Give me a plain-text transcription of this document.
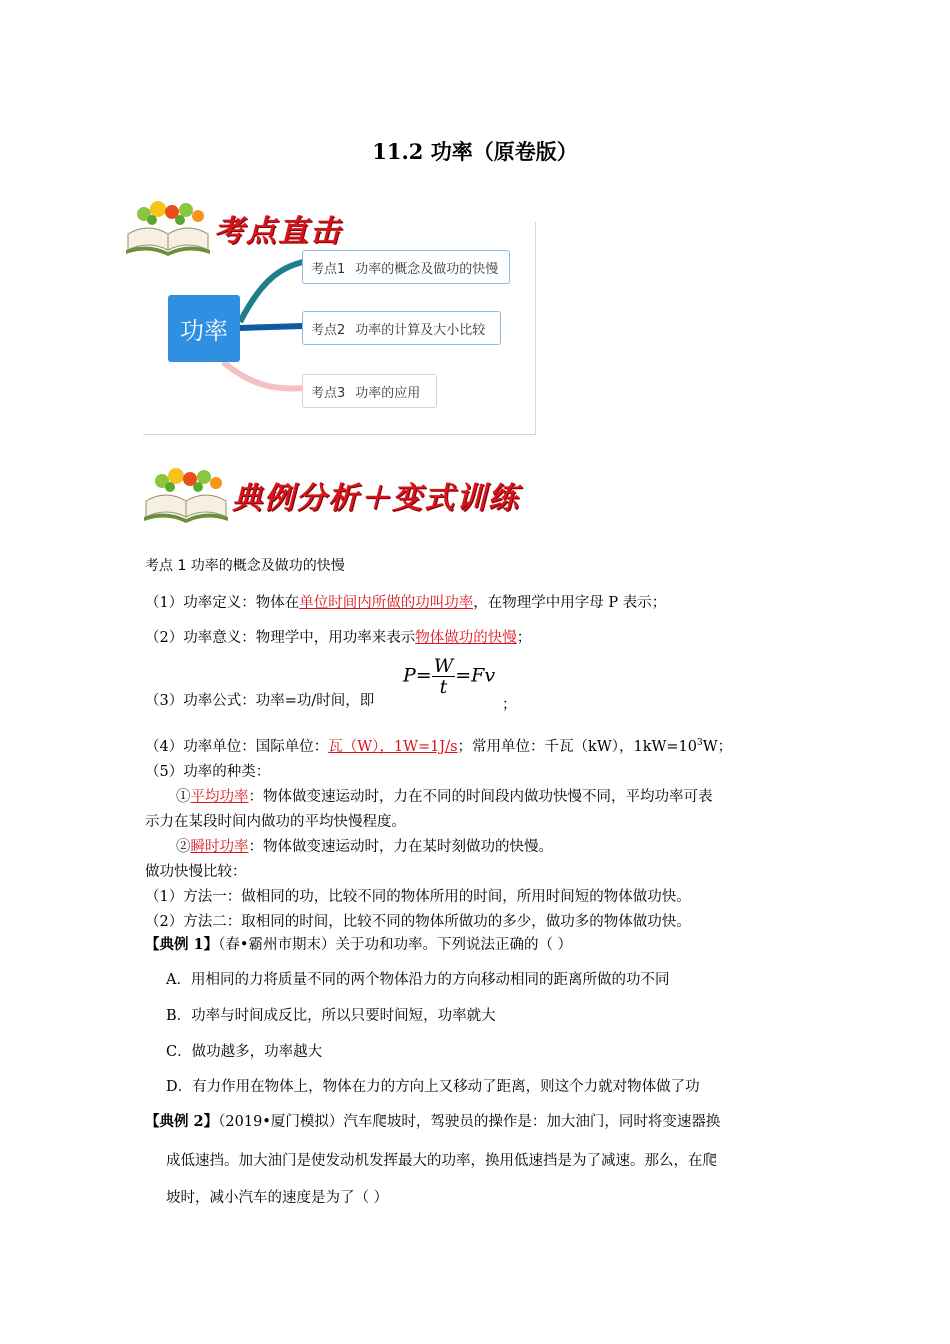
11.2 功率（原卷版）
考点直击
功率
考点1 功率的概念及做功的快慢
考点2 功率的计算及大小比较
考点3 功率的应用
典例分析＋变式训练
考点 1 功率的概念及做功的快慢
（1）功率定义：物体在单位时间内所做的功叫功率，在物理学中用字母 P 表示；
（2）功率意义：物理学中，用功率来表示物体做功的快慢；
（3）功率公式：功率=功/时间，即
$P= \frac{W}{t} =Fv$
；
（4）功率单位：国际单位：瓦（W），1W=1J/s；常用单位：千瓦（kW），$1kW=10^3W$；
（5）功率的种类：
①平均功率：物体做变速运动时，力在不同的时间段内做功快慢不同，平均功率可表
示力在某段时间内做功的平均快慢程度。
②瞬时功率：物体做变速运动时，力在某时刻做功的快慢。
做功快慢比较：
（1）方法一：做相同的功，比较不同的物体所用的时间，所用时间短的物体做功快。
（2）方法二：取相同的时间，比较不同的物体所做功的多少，做功多的物体做功快。
【典例 1】（春•霸州市期末）关于功和功率。下列说法正确的（ ）
A．用相同的力将质量不同的两个物体沿力的方向移动相同的距离所做的功不同
B．功率与时间成反比，所以只要时间短，功率就大
C．做功越多，功率越大
D．有力作用在物体上，物体在力的方向上又移动了距离，则这个力就对物体做了功
【典例 2】（2019•厦门模拟）汽车爬坡时，驾驶员的操作是：加大油门，同时将变速器换
成低速挡。加大油门是使发动机发挥最大的功率，换用低速挡是为了减速。那么，在爬
坡时，减小汽车的速度是为了（ ）
